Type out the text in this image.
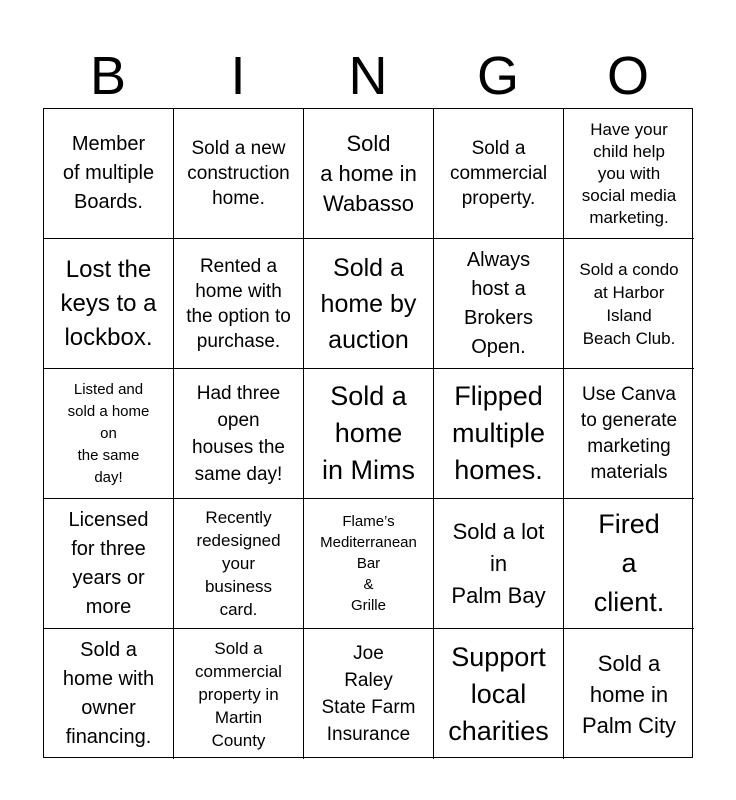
B	I	N	G	O
Member
of multiple
Boards.
Sold a new
construction
home.
Sold
a home in
Wabasso
Sold a
commercial
property.
Have your
child help
you with
social media
marketing.
Lost the
keys to a
lockbox.
Rented a
home with
the option to
purchase.
Sold a
home by
auction
Always
host a
Brokers
Open.
Sold a condo
at Harbor
Island
Beach Club.
Listed and
sold a home
on
the same
day!
Had three
open
houses the
same day!
Sold a
home
in Mims
Flipped
multiple
homes.
Use Canva
to generate
marketing
materials
Licensed
for three
years or
more
Recently
redesigned
your
business
card.
Flame’s
Mediterranean
Bar
&
Grille
Sold a lot
in
Palm Bay
Fired
a
client.
Sold a
home with
owner
financing.
Sold a
commercial
property in
Martin
County
Joe
Raley
State Farm
Insurance
Support
local
charities
Sold a
home in
Palm City
